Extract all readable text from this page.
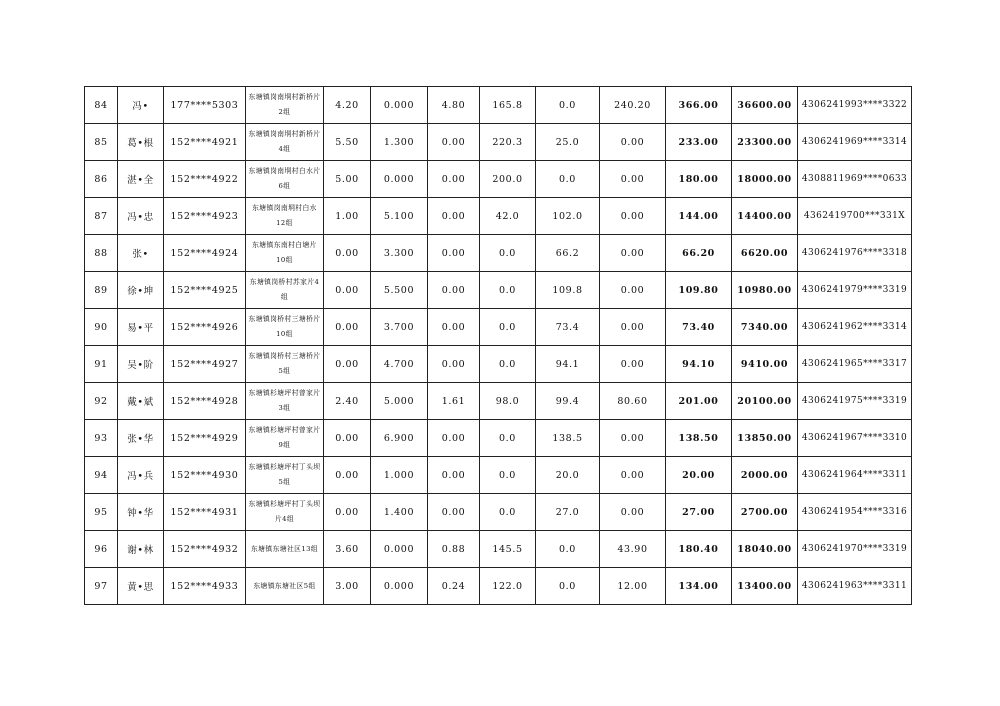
84	冯•	177****5303	东塘镇岗南垌村新桥片2组	4.20	0.000	4.80	165.8	0.0	240.20	366.00	36600.00	4306241993****3322
85	葛•根	152****4921	东塘镇岗南垌村新桥片4组	5.50	1.300	0.00	220.3	25.0	0.00	233.00	23300.00	4306241969****3314
86	湛•全	152****4922	东塘镇岗南垌村白水片6组	5.00	0.000	0.00	200.0	0.0	0.00	180.00	18000.00	4308811969****0633
87	冯•忠	152****4923	东塘镇岗南垌村白水12组	1.00	5.100	0.00	42.0	102.0	0.00	144.00	14400.00	4362419700***331X
88	张•	152****4924	东塘镇东南村白塘片10组	0.00	3.300	0.00	0.0	66.2	0.00	66.20	6620.00	4306241976****3318
89	徐•坤	152****4925	东塘镇岗桥村苏家片4组	0.00	5.500	0.00	0.0	109.8	0.00	109.80	10980.00	4306241979****3319
90	易•平	152****4926	东塘镇岗桥村三塘桥片10组	0.00	3.700	0.00	0.0	73.4	0.00	73.40	7340.00	4306241962****3314
91	吴•阶	152****4927	东塘镇岗桥村三塘桥片5组	0.00	4.700	0.00	0.0	94.1	0.00	94.10	9410.00	4306241965****3317
92	戴•斌	152****4928	东塘镇杉塘坪村曾家片3组	2.40	5.000	1.61	98.0	99.4	80.60	201.00	20100.00	4306241975****3319
93	张•华	152****4929	东塘镇杉塘坪村曾家片9组	0.00	6.900	0.00	0.0	138.5	0.00	138.50	13850.00	4306241967****3310
94	冯•兵	152****4930	东塘镇杉塘坪村丁头坝5组	0.00	1.000	0.00	0.0	20.0	0.00	20.00	2000.00	4306241964****3311
95	钟•华	152****4931	东塘镇杉塘坪村丁头坝片4组	0.00	1.400	0.00	0.0	27.0	0.00	27.00	2700.00	4306241954****3316
96	谢•林	152****4932	东塘镇东塘社区13组	3.60	0.000	0.88	145.5	0.0	43.90	180.40	18040.00	4306241970****3319
97	黄•思	152****4933	东塘镇东塘社区5组	3.00	0.000	0.24	122.0	0.0	12.00	134.00	13400.00	4306241963****3311
